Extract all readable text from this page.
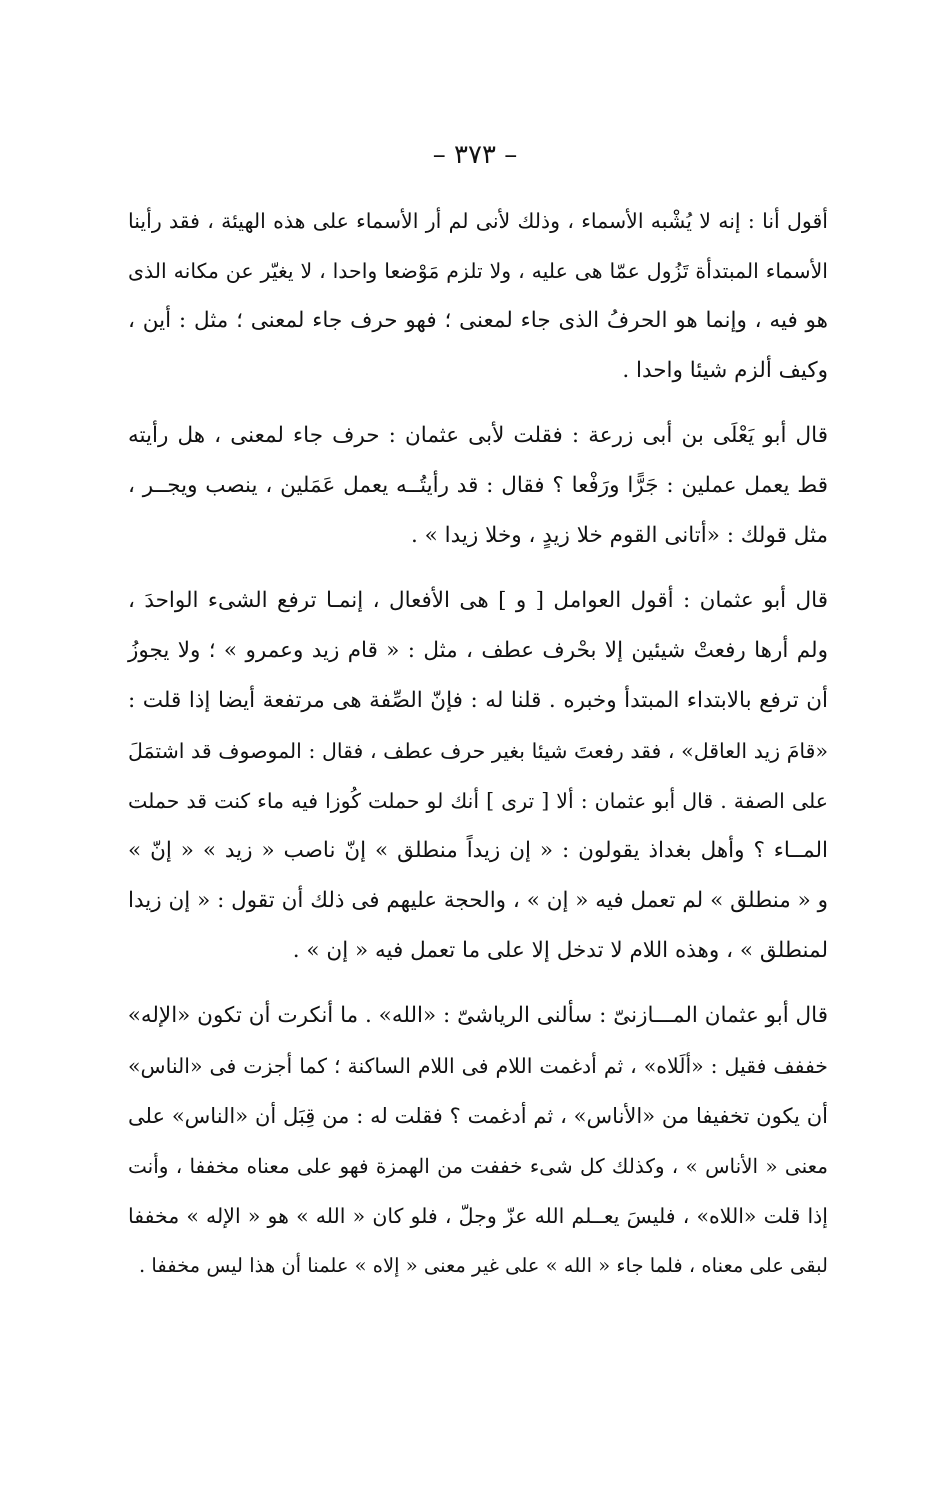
– ٣٧٣ –
أقول أنا : إنه لا يُشْبه الأسماء ، وذلك لأنى لم أر الأسماء على هذه الهيئة ، فقد رأينا
الأسماء المبتدأة تَزُول عمّا هى عليه ، ولا تلزم مَوْضعا واحدا ، لا يغيّر عن مكانه الذى
هو فيه ، وإنما هو الحرفُ الذى جاء لمعنى ؛ فهو حرف جاء لمعنى ؛ مثل : أين ،
وكيف ألزم شيئا واحدا .
قال أبو يَعْلَى بن أبى زرعة : فقلت لأبى عثمان : حرف جاء لمعنى ، هل رأيته
قط يعمل عملين : جَرًّا ورَفْعا ؟ فقال : قد رأيتُــه يعمل عَمَلين ، ينصب ويجــر ،
مثل قولك : «أتانى القوم خلا زيدٍ ، وخلا زيدا » .
قال أبو عثمان : أقول العوامل [ و ] هى الأفعال ، إنمـا ترفع الشىء الواحدَ ،
ولم أرها رفعتْ شيئين إلا بحْرف عطف ، مثل : « قام زيد وعمرو » ؛ ولا يجوزُ
أن ترفع بالابتداء المبتدأ وخبره . قلنا له : فإنّ الصِّفة هى مرتفعة أيضا إذا قلت :
«قامَ زيد العاقل» ، فقد رفعتَ شيئا بغير حرف عطف ، فقال : الموصوف قد اشتمَلَ
على الصفة . قال أبو عثمان : ألا [ ترى ] أنك لو حملت كُوزا فيه ماء كنت قد حملت
المــاء ؟ وأهل بغداذ يقولون : « إن زيداً منطلق » إنّ ناصب « زيد » « إنّ »
و « منطلق » لم تعمل فيه « إن » ، والحجة عليهم فى ذلك أن تقول : « إن زيدا
لمنطلق » ، وهذه اللام لا تدخل إلا على ما تعمل فيه « إن » .
قال أبو عثمان المـــازنىّ : سألنى الرياشىّ : «الله» . ما أنكرت أن تكون «الإله»
خففف فقيل : «ألَلاه» ، ثم أدغمت اللام فى اللام الساكنة ؛ كما أجزت فى «الناس»
أن يكون تخفيفا من «الأناس» ، ثم أدغمت ؟ فقلت له : من قِبَل أن «الناس» على
معنى « الأناس » ، وكذلك كل شىء خففت من الهمزة فهو على معناه مخففا ، وأنت
إذا قلت «اللاه» ، فليسَ يعــلم الله عزّ وجلّ ، فلو كان « الله » هو « الإله » مخففا
لبقى على معناه ، فلما جاء « الله » على غير معنى « إلاه » علمنا أن هذا ليس مخففا .
